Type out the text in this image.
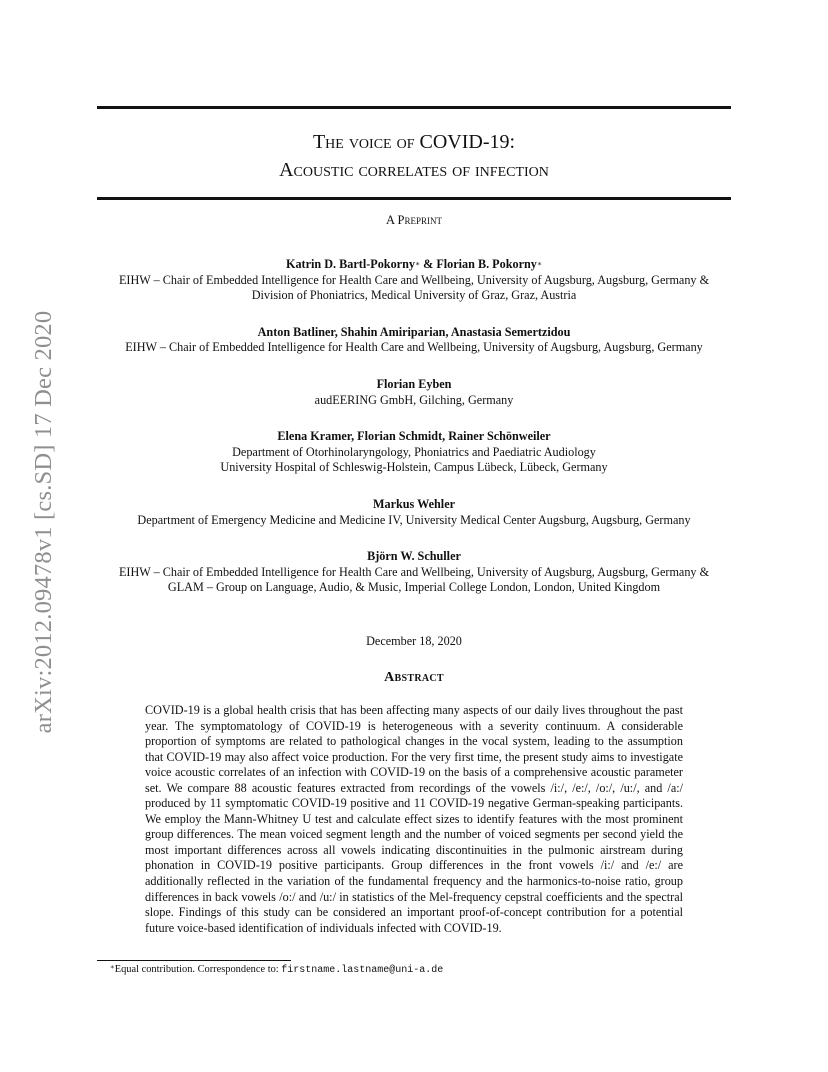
arXiv:2012.09478v1 [cs.SD] 17 Dec 2020
The voice of COVID-19:
Acoustic correlates of infection
A Preprint
Katrin D. Bartl-Pokorny∗ & Florian B. Pokorny∗
EIHW – Chair of Embedded Intelligence for Health Care and Wellbeing, University of Augsburg, Augsburg, Germany &
Division of Phoniatrics, Medical University of Graz, Graz, Austria
Anton Batliner, Shahin Amiriparian, Anastasia Semertzidou
EIHW – Chair of Embedded Intelligence for Health Care and Wellbeing, University of Augsburg, Augsburg, Germany
Florian Eyben
audEERING GmbH, Gilching, Germany
Elena Kramer, Florian Schmidt, Rainer Schönweiler
Department of Otorhinolaryngology, Phoniatrics and Paediatric Audiology
University Hospital of Schleswig-Holstein, Campus Lübeck, Lübeck, Germany
Markus Wehler
Department of Emergency Medicine and Medicine IV, University Medical Center Augsburg, Augsburg, Germany
Björn W. Schuller
EIHW – Chair of Embedded Intelligence for Health Care and Wellbeing, University of Augsburg, Augsburg, Germany &
GLAM – Group on Language, Audio, & Music, Imperial College London, London, United Kingdom
December 18, 2020
Abstract
COVID-19 is a global health crisis that has been affecting many aspects of our daily lives throughout the past year. The symptomatology of COVID-19 is heterogeneous with a severity continuum. A considerable proportion of symptoms are related to pathological changes in the vocal system, leading to the assumption that COVID-19 may also affect voice production. For the very first time, the present study aims to investigate voice acoustic correlates of an infection with COVID-19 on the basis of a comprehensive acoustic parameter set. We compare 88 acoustic features extracted from recordings of the vowels /i:/, /e:/, /o:/, /u:/, and /a:/ produced by 11 symptomatic COVID-19 positive and 11 COVID-19 negative German-speaking participants. We employ the Mann-Whitney U test and calculate effect sizes to identify features with the most prominent group differences. The mean voiced segment length and the number of voiced segments per second yield the most important differences across all vowels indicating discontinuities in the pulmonic airstream during phonation in COVID-19 positive participants. Group differences in the front vowels /i:/ and /e:/ are additionally reflected in the variation of the fundamental frequency and the harmonics-to-noise ratio, group differences in back vowels /o:/ and /u:/ in statistics of the Mel-frequency cepstral coefficients and the spectral slope. Findings of this study can be considered an important proof-of-concept contribution for a potential future voice-based identification of individuals infected with COVID-19.
∗Equal contribution. Correspondence to: firstname.lastname@uni-a.de
